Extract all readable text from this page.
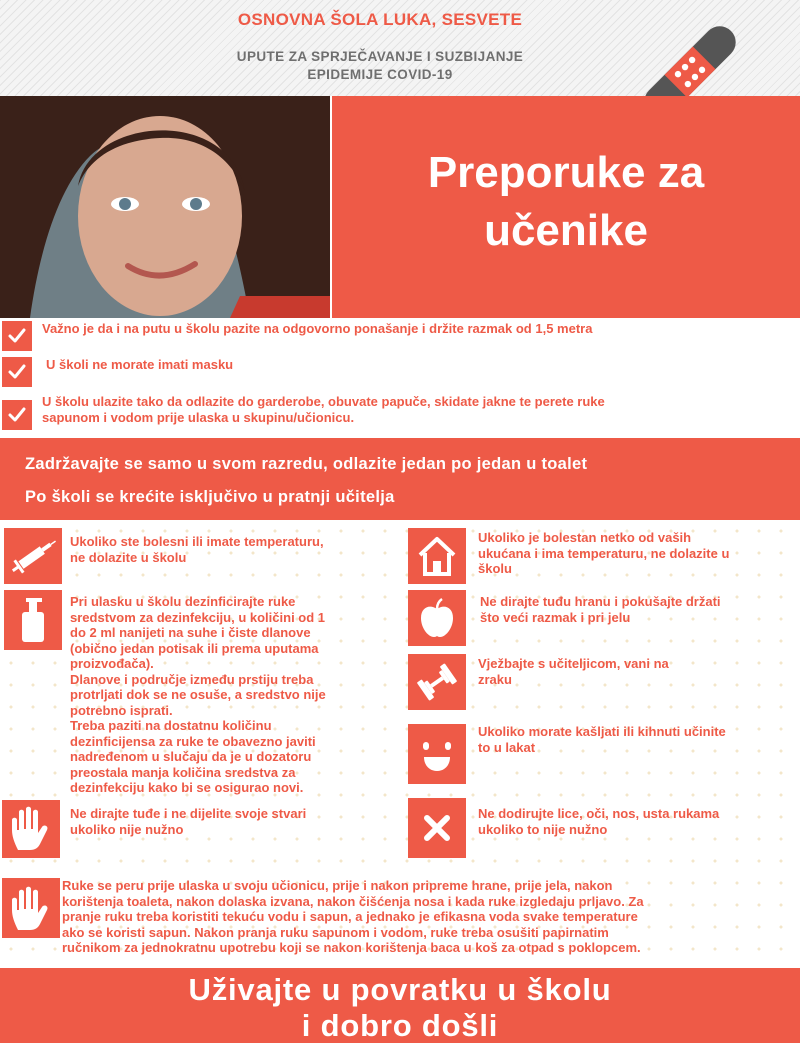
OSNOVNA ŠOLA LUKA, SESVETE
UPUTE ZA SPRJEČAVANJE I SUZBIJANJE
EPIDEMIJE COVID-19
Preporuke za
učenike
Važno je da i na putu u školu pazite na odgovorno ponašanje i držite razmak od 1,5 metra
U školi ne morate imati masku
U školu ulazite tako da odlazite do garderobe, obuvate papuče, skidate jakne te perete ruke
sapunom i vodom prije ulaska u skupinu/učionicu.
Zadržavajte se samo u svom razredu, odlazite jedan po jedan u toalet
Po školi se krećite isključivo u pratnji učitelja
Ukoliko ste bolesni ili imate temperaturu,
ne dolazite u školu
Pri ulasku u školu dezinficirajte ruke
sredstvom za dezinfekciju, u količini od 1
do 2 ml nanijeti na suhe i čiste dlanove
(obično jedan potisak ili prema uputama
proizvođača).
Dlanove i područje između prstiju treba
protrljati dok se ne osuše, a sredstvo nije
potrebno isprati.
Treba paziti na dostatnu količinu
dezinficijensa za ruke te obavezno javiti
nadređenom u slučaju da je u dozatoru
preostala manja količina sredstva za
dezinfekciju kako bi se osigurao novi.
Ne dirajte tuđe i ne dijelite svoje stvari
ukoliko nije nužno
Ukoliko je bolestan netko od vaših
ukućana i ima temperaturu, ne dolazite u
školu
Ne dirajte tuđu hranu i pokušajte držati
što veći razmak i pri jelu
Vježbajte s učiteljicom, vani na
zraku
Ukoliko morate kašljati ili kihnuti učinite
to u lakat
Ne dodirujte lice, oči, nos, usta rukama
ukoliko to nije nužno
Ruke se peru prije ulaska u svoju učionicu, prije i nakon pripreme hrane, prije jela, nakon
korištenja toaleta, nakon dolaska izvana, nakon čišćenja nosa i kada ruke izgledaju prljavo. Za
pranje ruku treba koristiti tekuću vodu i sapun, a jednako je efikasna voda svake temperature
ako se koristi sapun. Nakon pranja ruku sapunom i vodom, ruke treba osušiti papirnatim
ručnikom za jednokratnu upotrebu koji se nakon korištenja baca u koš za otpad s poklopcem.
Uživajte u povratku u školu
i dobro došli
